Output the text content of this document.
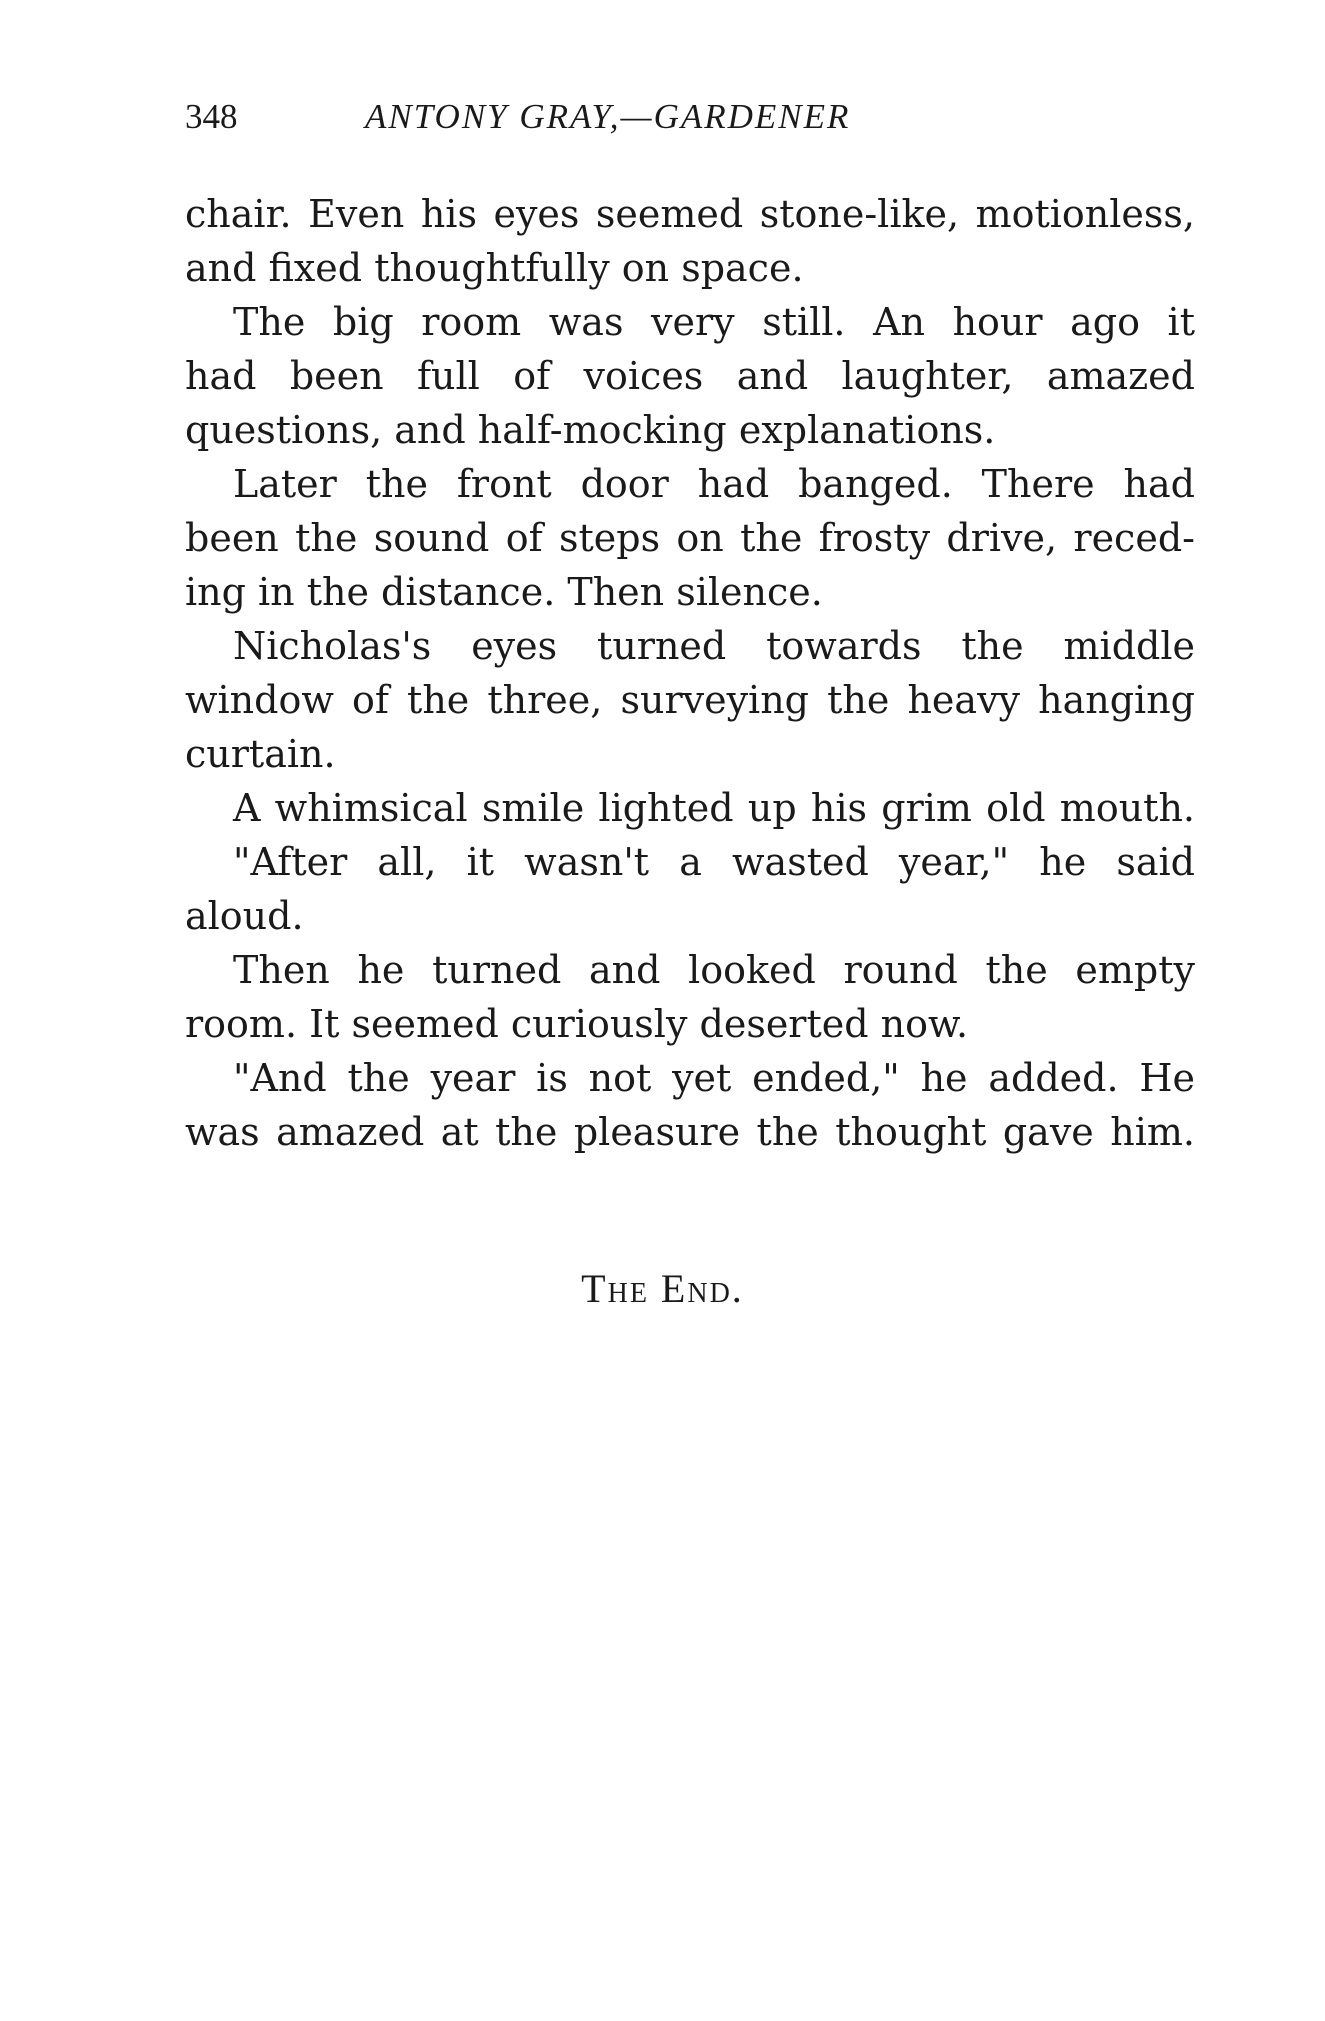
348	ANTONY GRAY,—GARDENER
chair. Even his eyes seemed stone-like, motionless,
and fixed thoughtfully on space.
The big room was very still. An hour ago it
had been full of voices and laughter, amazed
questions, and half-mocking explanations.
Later the front door had banged. There had
been the sound of steps on the frosty drive, reced-
ing in the distance. Then silence.
Nicholas's eyes turned towards the middle
window of the three, surveying the heavy hanging
curtain.
A whimsical smile lighted up his grim old mouth.
"After all, it wasn't a wasted year," he said
aloud.
Then he turned and looked round the empty
room. It seemed curiously deserted now.
"And the year is not yet ended," he added. He
was amazed at the pleasure the thought gave him.
The End.
